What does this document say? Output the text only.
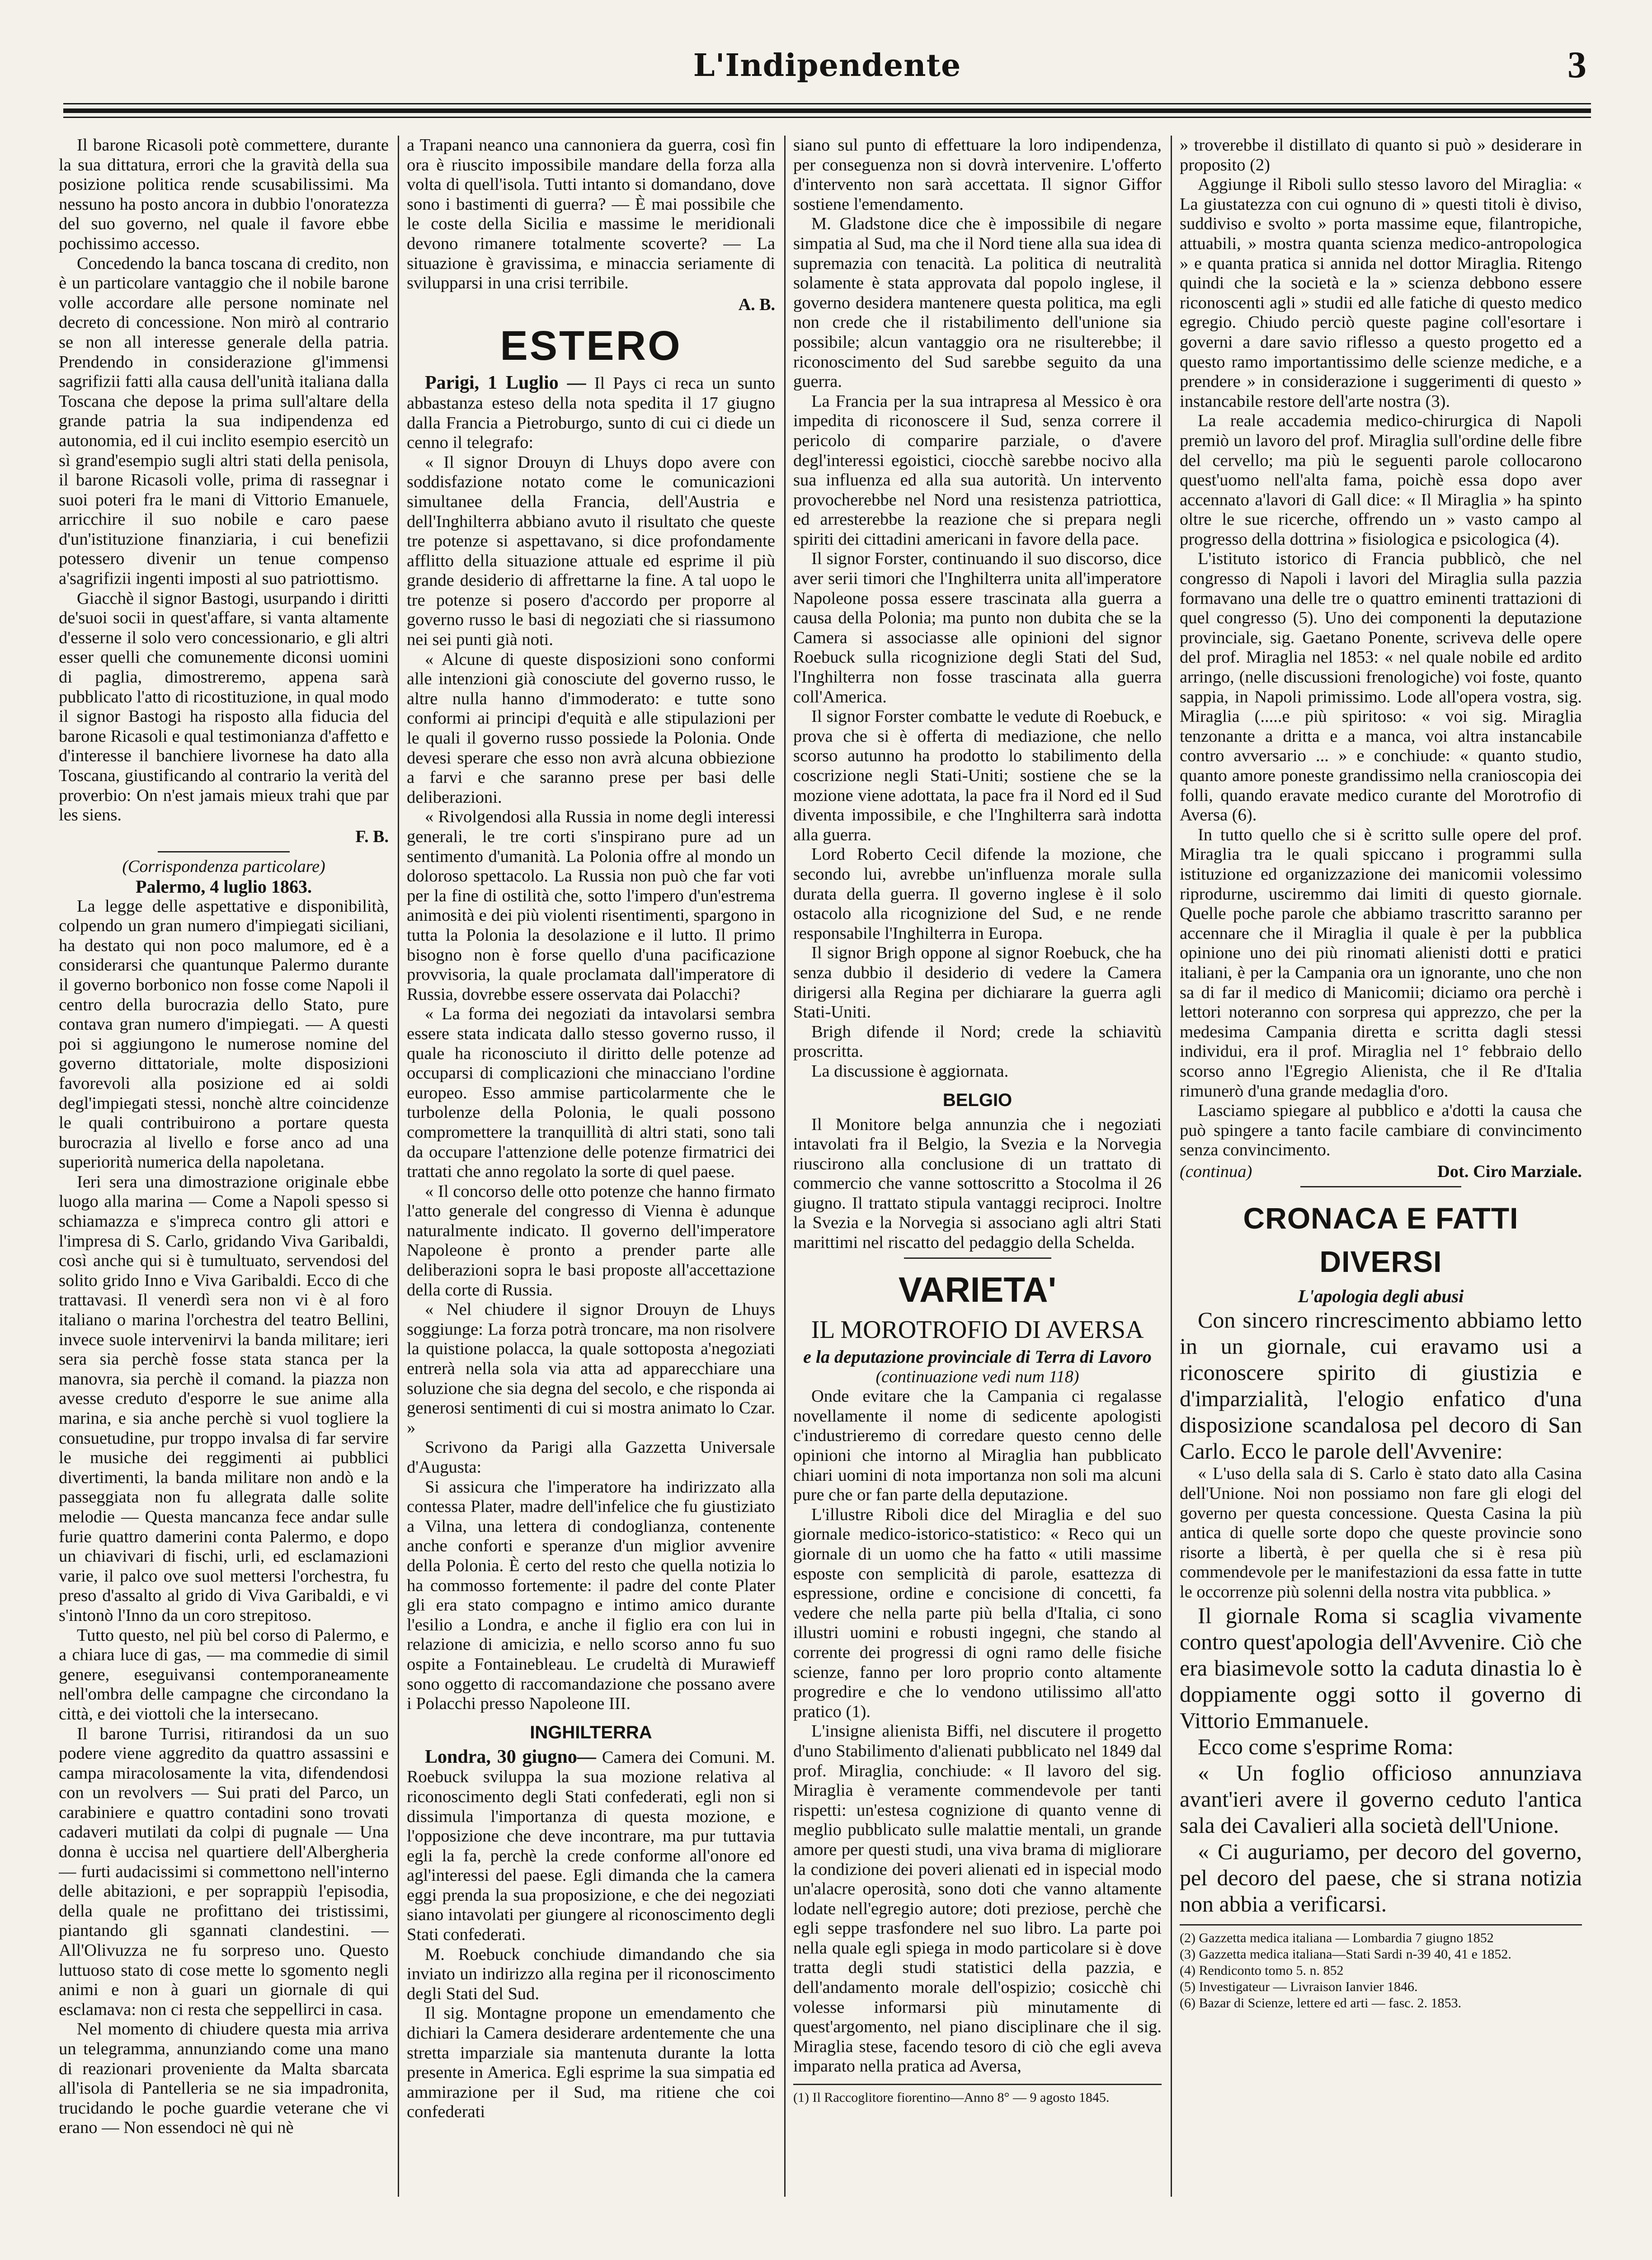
L'Indipendente	3

Il barone Ricasoli potè commettere, durante la sua dittatura, errori che la gravità della sua posizione politica rende scusabilissimi. Ma nessuno ha posto ancora in dubbio l'onoratezza del suo governo, nel quale il favore ebbe pochissimo accesso.

Concedendo la banca toscana di credito, non è un particolare vantaggio che il nobile barone volle accordare alle persone nominate nel decreto di concessione. Non mirò al contrario se non all interesse generale della patria. Prendendo in considerazione gl'immensi sagrifizii fatti alla causa dell'unità italiana dalla Toscana che depose la prima sull'altare della grande patria la sua indipendenza ed autonomia, ed il cui inclito esempio esercitò un sì grand'esempio sugli altri stati della penisola, il barone Ricasoli volle, prima di rassegnar i suoi poteri fra le mani di Vittorio Emanuele, arricchire il suo nobile e caro paese d'un'istituzione finanziaria, i cui benefizii potessero divenir un tenue compenso a'sagrifizii ingenti imposti al suo patriottismo.

Giacchè il signor Bastogi, usurpando i diritti de'suoi socii in quest'affare, si vanta altamente d'esserne il solo vero concessionario, e gli altri esser quelli che comunemente diconsi uomini di paglia, dimostreremo, appena sarà pubblicato l'atto di ricostituzione, in qual modo il signor Bastogi ha risposto alla fiducia del barone Ricasoli e qual testimonianza d'affetto e d'interesse il banchiere livornese ha dato alla Toscana, giustificando al contrario la verità del proverbio: On n'est jamais mieux trahi que par les siens.

F. B.
(Corrispondenza particolare)
Palermo, 4 luglio 1863.

La legge delle aspettative e disponibilità, colpendo un gran numero d'impiegati siciliani, ha destato qui non poco malumore, ed è a considerarsi che quantunque Palermo durante il governo borbonico non fosse come Napoli il centro della burocrazia dello Stato, pure contava gran numero d'impiegati. — A questi poi si aggiungono le numerose nomine del governo dittatoriale, molte disposizioni favorevoli alla posizione ed ai soldi degl'impiegati stessi, nonchè altre coincidenze le quali contribuirono a portare questa burocrazia al livello e forse anco ad una superiorità numerica della napoletana.

Ieri sera una dimostrazione originale ebbe luogo alla marina — Come a Napoli spesso si schiamazza e s'impreca contro gli attori e l'impresa di S. Carlo, gridando Viva Garibaldi, così anche qui si è tumultuato, servendosi del solito grido Inno e Viva Garibaldi. Ecco di che trattavasi. Il venerdì sera non vi è al foro italiano o marina l'orchestra del teatro Bellini, invece suole intervenirvi la banda militare; ieri sera sia perchè fosse stata stanca per la manovra, sia perchè il comand. la piazza non avesse creduto d'esporre le sue anime alla marina, e sia anche perchè si vuol togliere la consuetudine, pur troppo invalsa di far servire le musiche dei reggimenti ai pubblici divertimenti, la banda militare non andò e la passeggiata non fu allegrata dalle solite melodie — Questa mancanza fece andar sulle furie quattro damerini conta Palermo, e dopo un chiavivari di fischi, urli, ed esclamazioni varie, il palco ove suol mettersi l'orchestra, fu preso d'assalto al grido di Viva Garibaldi, e vi s'intonò l'Inno da un coro strepitoso.

Tutto questo, nel più bel corso di Palermo, e a chiara luce di gas, — ma commedie di simil genere, eseguivansi contemporaneamente nell'ombra delle campagne che circondano la città, e dei viottoli che la intersecano.

Il barone Turrisi, ritirandosi da un suo podere viene aggredito da quattro assassini e campa miracolosamente la vita, difendendosi con un revolvers — Sui prati del Parco, un carabiniere e quattro contadini sono trovati cadaveri mutilati da colpi di pugnale — Una donna è uccisa nel quartiere dell'Albergheria — furti audacissimi si commettono nell'interno delle abitazioni, e per soprappiù l'episodia, della quale ne profittano dei tristissimi, piantando gli sgannati clandestini. — All'Olivuzza ne fu sorpreso uno. Questo luttuoso stato di cose mette lo sgomento negli animi e non à guari un giornale di qui esclamava: non ci resta che seppellirci in casa.

Nel momento di chiudere questa mia arriva un telegramma, annunziando come una mano di reazionari proveniente da Malta sbarcata all'isola di Pantelleria se ne sia impadronita, trucidando le poche guardie veterane che vi erano — Non essendoci nè qui nè

a Trapani neanco una cannoniera da guerra, così fin ora è riuscito impossibile mandare della forza alla volta di quell'isola. Tutti intanto si domandano, dove sono i bastimenti di guerra? — È mai possibile che le coste della Sicilia e massime le meridionali devono rimanere totalmente scoverte? — La situazione è gravissima, e minaccia seriamente di svilupparsi in una crisi terribile.

A. B.
ESTERO

Parigi, 1 Luglio — Il Pays ci reca un sunto abbastanza esteso della nota spedita il 17 giugno dalla Francia a Pietroburgo, sunto di cui ci diede un cenno il telegrafo:

« Il signor Drouyn di Lhuys dopo avere con soddisfazione notato come le comunicazioni simultanee della Francia, dell'Austria e dell'Inghilterra abbiano avuto il risultato che queste tre potenze si aspettavano, si dice profondamente afflitto della situazione attuale ed esprime il più grande desiderio di affrettarne la fine. A tal uopo le tre potenze si posero d'accordo per proporre al governo russo le basi di negoziati che si riassumono nei sei punti già noti.

« Alcune di queste disposizioni sono conformi alle intenzioni già conosciute del governo russo, le altre nulla hanno d'immoderato: e tutte sono conformi ai principi d'equità e alle stipulazioni per le quali il governo russo possiede la Polonia. Onde devesi sperare che esso non avrà alcuna obbiezione a farvi e che saranno prese per basi delle deliberazioni.

« Rivolgendosi alla Russia in nome degli interessi generali, le tre corti s'inspirano pure ad un sentimento d'umanità. La Polonia offre al mondo un doloroso spettacolo. La Russia non può che far voti per la fine di ostilità che, sotto l'impero d'un'estrema animosità e dei più violenti risentimenti, spargono in tutta la Polonia la desolazione e il lutto. Il primo bisogno non è forse quello d'una pacificazione provvisoria, la quale proclamata dall'imperatore di Russia, dovrebbe essere osservata dai Polacchi?

« La forma dei negoziati da intavolarsi sembra essere stata indicata dallo stesso governo russo, il quale ha riconosciuto il diritto delle potenze ad occuparsi di complicazioni che minacciano l'ordine europeo. Esso ammise particolarmente che le turbolenze della Polonia, le quali possono compromettere la tranquillità di altri stati, sono tali da occupare l'attenzione delle potenze firmatrici dei trattati che anno regolato la sorte di quel paese.

« Il concorso delle otto potenze che hanno firmato l'atto generale del congresso di Vienna è adunque naturalmente indicato. Il governo dell'imperatore Napoleone è pronto a prender parte alle deliberazioni sopra le basi proposte all'accettazione della corte di Russia.

« Nel chiudere il signor Drouyn de Lhuys soggiunge: La forza potrà troncare, ma non risolvere la quistione polacca, la quale sottoposta a'negoziati entrerà nella sola via atta ad apparecchiare una soluzione che sia degna del secolo, e che risponda ai generosi sentimenti di cui si mostra animato lo Czar. »

Scrivono da Parigi alla Gazzetta Universale d'Augusta:

Si assicura che l'imperatore ha indirizzato alla contessa Plater, madre dell'infelice che fu giustiziato a Vilna, una lettera di condoglianza, contenente anche conforti e speranze d'un miglior avvenire della Polonia. È certo del resto che quella notizia lo ha commosso fortemente: il padre del conte Plater gli era stato compagno e intimo amico durante l'esilio a Londra, e anche il figlio era con lui in relazione di amicizia, e nello scorso anno fu suo ospite a Fontainebleau. Le crudeltà di Murawieff sono oggetto di raccomandazione che possano avere i Polacchi presso Napoleone III.

INGHILTERRA

Londra, 30 giugno— Camera dei Comuni. M. Roebuck sviluppa la sua mozione relativa al riconoscimento degli Stati confederati, egli non si dissimula l'importanza di questa mozione, e l'opposizione che deve incontrare, ma pur tuttavia egli la fa, perchè la crede conforme all'onore ed agl'interessi del paese. Egli dimanda che la camera eggi prenda la sua proposizione, e che dei negoziati siano intavolati per giungere al riconoscimento degli Stati confederati.

M. Roebuck conchiude dimandando che sia inviato un indirizzo alla regina per il riconoscimento degli Stati del Sud.

Il sig. Montagne propone un emendamento che dichiari la Camera desiderare ardentemente che una stretta imparziale sia mantenuta durante la lotta presente in America. Egli esprime la sua simpatia ed ammirazione per il Sud, ma ritiene che coi confederati

siano sul punto di effettuare la loro indipendenza, per conseguenza non si dovrà intervenire. L'offerto d'intervento non sarà accettata. Il signor Giffor sostiene l'emendamento.

M. Gladstone dice che è impossibile di negare simpatia al Sud, ma che il Nord tiene alla sua idea di supremazia con tenacità. La politica di neutralità solamente è stata approvata dal popolo inglese, il governo desidera mantenere questa politica, ma egli non crede che il ristabilimento dell'unione sia possibile; alcun vantaggio ora ne risulterebbe; il riconoscimento del Sud sarebbe seguito da una guerra.

La Francia per la sua intrapresa al Messico è ora impedita di riconoscere il Sud, senza correre il pericolo di comparire parziale, o d'avere degl'interessi egoistici, ciocchè sarebbe nocivo alla sua influenza ed alla sua autorità. Un intervento provocherebbe nel Nord una resistenza patriottica, ed arresterebbe la reazione che si prepara negli spiriti dei cittadini americani in favore della pace.

Il signor Forster, continuando il suo discorso, dice aver serii timori che l'Inghilterra unita all'imperatore Napoleone possa essere trascinata alla guerra a causa della Polonia; ma punto non dubita che se la Camera si associasse alle opinioni del signor Roebuck sulla ricognizione degli Stati del Sud, l'Inghilterra non fosse trascinata alla guerra coll'America.

Il signor Forster combatte le vedute di Roebuck, e prova che si è offerta di mediazione, che nello scorso autunno ha prodotto lo stabilimento della coscrizione negli Stati-Uniti; sostiene che se la mozione viene adottata, la pace fra il Nord ed il Sud diventa impossibile, e che l'Inghilterra sarà indotta alla guerra.

Lord Roberto Cecil difende la mozione, che secondo lui, avrebbe un'influenza morale sulla durata della guerra. Il governo inglese è il solo ostacolo alla ricognizione del Sud, e ne rende responsabile l'Inghilterra in Europa.

Il signor Brigh oppone al signor Roebuck, che ha senza dubbio il desiderio di vedere la Camera dirigersi alla Regina per dichiarare la guerra agli Stati-Uniti.

Brigh difende il Nord; crede la schiavitù proscritta.

La discussione è aggiornata.

BELGIO

Il Monitore belga annunzia che i negoziati intavolati fra il Belgio, la Svezia e la Norvegia riuscirono alla conclusione di un trattato di commercio che vanne sottoscritto a Stocolma il 26 giugno. Il trattato stipula vantaggi reciproci. Inoltre la Svezia e la Norvegia si associano agli altri Stati marittimi nel riscatto del pedaggio della Schelda.

VARIETA'
IL MOROTROFIO DI AVERSA
e la deputazione provinciale di Terra di Lavoro
(continuazione vedi num 118)

Onde evitare che la Campania ci regalasse novellamente il nome di sedicente apologisti c'industrieremo di corredare questo cenno delle opinioni che intorno al Miraglia han pubblicato chiari uomini di nota importanza non soli ma alcuni pure che or fan parte della deputazione.

L'illustre Riboli dice del Miraglia e del suo giornale medico-istorico-statistico: « Reco qui un giornale di un uomo che ha fatto « utili massime esposte con semplicità di parole, esattezza di espressione, ordine e concisione di concetti, fa vedere che nella parte più bella d'Italia, ci sono illustri uomini e robusti ingegni, che stando al corrente dei progressi di ogni ramo delle fisiche scienze, fanno per loro proprio conto altamente progredire e che lo vendono utilissimo all'atto pratico (1).

L'insigne alienista Biffi, nel discutere il progetto d'uno Stabilimento d'alienati pubblicato nel 1849 dal prof. Miraglia, conchiude: « Il lavoro del sig. Miraglia è veramente commendevole per tanti rispetti: un'estesa cognizione di quanto venne di meglio pubblicato sulle malattie mentali, un grande amore per questi studi, una viva brama di migliorare la condizione dei poveri alienati ed in ispecial modo un'alacre operosità, sono doti che vanno altamente lodate nell'egregio autore; doti preziose, perchè che egli seppe trasfondere nel suo libro. La parte poi nella quale egli spiega in modo particolare si è dove tratta degli studi statistici della pazzia, e dell'andamento morale dell'ospizio; cosicchè chi volesse informarsi più minutamente di quest'argomento, nel piano disciplinare che il sig. Miraglia stese, facendo tesoro di ciò che egli aveva imparato nella pratica ad Aversa,

(1) Il Raccoglitore fiorentino—Anno 8° — 9 agosto 1845.

» troverebbe il distillato di quanto si può » desiderare in proposito (2)

Aggiunge il Riboli sullo stesso lavoro del Miraglia: « La giustatezza con cui ognuno di » questi titoli è diviso, suddiviso e svolto » porta massime eque, filantropiche, attuabili, » mostra quanta scienza medico-antropologica » e quanta pratica si annida nel dottor Miraglia. Ritengo quindi che la società e la » scienza debbono essere riconoscenti agli » studii ed alle fatiche di questo medico egregio. Chiudo perciò queste pagine coll'esortare i governi a dare savio riflesso a questo progetto ed a questo ramo importantissimo delle scienze mediche, e a prendere » in considerazione i suggerimenti di questo » instancabile restore dell'arte nostra (3).

La reale accademia medico-chirurgica di Napoli premiò un lavoro del prof. Miraglia sull'ordine delle fibre del cervello; ma più le seguenti parole collocarono quest'uomo nell'alta fama, poichè essa dopo aver accennato a'lavori di Gall dice: « Il Miraglia » ha spinto oltre le sue ricerche, offrendo un » vasto campo al progresso della dottrina » fisiologica e psicologica (4).

L'istituto istorico di Francia pubblicò, che nel congresso di Napoli i lavori del Miraglia sulla pazzia formavano una delle tre o quattro eminenti trattazioni di quel congresso (5). Uno dei componenti la deputazione provinciale, sig. Gaetano Ponente, scriveva delle opere del prof. Miraglia nel 1853: « nel quale nobile ed ardito arringo, (nelle discussioni frenologiche) voi foste, quanto sappia, in Napoli primissimo. Lode all'opera vostra, sig. Miraglia (.....e più spiritoso: « voi sig. Miraglia tenzonante a dritta e a manca, voi altra instancabile contro avversario ... » e conchiude: « quanto studio, quanto amore poneste grandissimo nella cranioscopia dei folli, quando eravate medico curante del Morotrofio di Aversa (6).

In tutto quello che si è scritto sulle opere del prof. Miraglia tra le quali spiccano i programmi sulla istituzione ed organizzazione dei manicomii volessimo riprodurne, usciremmo dai limiti di questo giornale. Quelle poche parole che abbiamo trascritto saranno per accennare che il Miraglia il quale è per la pubblica opinione uno dei più rinomati alienisti dotti e pratici italiani, è per la Campania ora un ignorante, uno che non sa di far il medico di Manicomii; diciamo ora perchè i lettori noteranno con sorpresa qui apprezzo, che per la medesima Campania diretta e scritta dagli stessi individui, era il prof. Miraglia nel 1° febbraio dello scorso anno l'Egregio Alienista, che il Re d'Italia rimunerò d'una grande medaglia d'oro.

Lasciamo spiegare al pubblico e a'dotti la causa che può spingere a tanto facile cambiare di convincimento senza convincimento.

(continua)	Dot. Ciro Marziale.
CRONACA E FATTI DIVERSI
L'apologia degli abusi

Con sincero rincrescimento abbiamo letto in un giornale, cui eravamo usi a riconoscere spirito di giustizia e d'imparzialità, l'elogio enfatico d'una disposizione scandalosa pel decoro di San Carlo. Ecco le parole dell'Avvenire:

« L'uso della sala di S. Carlo è stato dato alla Casina dell'Unione. Noi non possiamo non fare gli elogi del governo per questa concessione. Questa Casina la più antica di quelle sorte dopo che queste provincie sono risorte a libertà, è per quella che si è resa più commendevole per le manifestazioni da essa fatte in tutte le occorrenze più solenni della nostra vita pubblica. »

Il giornale Roma si scaglia vivamente contro quest'apologia dell'Avvenire. Ciò che era biasimevole sotto la caduta dinastia lo è doppiamente oggi sotto il governo di Vittorio Emmanuele.

Ecco come s'esprime Roma:

« Un foglio officioso annunziava avant'ieri avere il governo ceduto l'antica sala dei Cavalieri alla società dell'Unione.

« Ci auguriamo, per decoro del governo, pel decoro del paese, che si strana notizia non abbia a verificarsi.

(2) Gazzetta medica italiana — Lombardia 7 giugno 1852

(3) Gazzetta medica italiana—Stati Sardi n-39 40, 41 e 1852.

(4) Rendiconto tomo 5. n. 852

(5) Investigateur — Livraison Ianvier 1846.

(6) Bazar di Scienze, lettere ed arti — fasc. 2. 1853.
